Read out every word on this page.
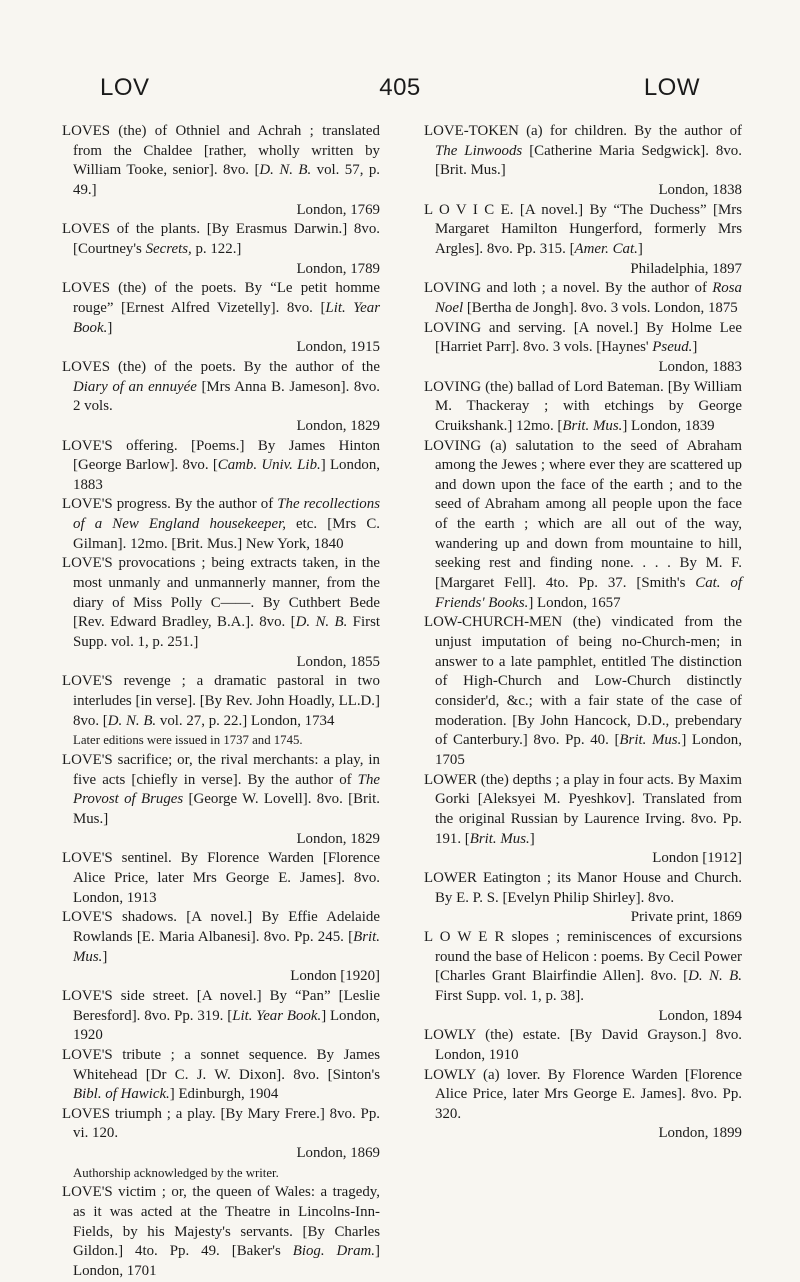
LOV	405	LOW

LOVES (the) of Othniel and Achrah ; translated from the Chaldee [rather, wholly written by William Tooke, senior]. 8vo. [D. N. B. vol. 57, p. 49.]
London, 1769

LOVES of the plants. [By Erasmus Darwin.] 8vo. [Courtney's Secrets, p. 122.]
London, 1789

LOVES (the) of the poets. By “Le petit homme rouge” [Ernest Alfred Vizetelly]. 8vo. [Lit. Year Book.]
London, 1915

LOVES (the) of the poets. By the author of the Diary of an ennuyée [Mrs Anna B. Jameson]. 8vo. 2 vols.
London, 1829

LOVE'S offering. [Poems.] By James Hinton [George Barlow]. 8vo. [Camb. Univ. Lib.] London, 1883

LOVE'S progress. By the author of The recollections of a New England housekeeper, etc. [Mrs C. Gilman]. 12mo. [Brit. Mus.] New York, 1840

LOVE'S provocations ; being extracts taken, in the most unmanly and unmannerly manner, from the diary of Miss Polly C——. By Cuthbert Bede [Rev. Edward Bradley, B.A.]. 8vo. [D. N. B. First Supp. vol. 1, p. 251.]
London, 1855

LOVE'S revenge ; a dramatic pastoral in two interludes [in verse]. [By Rev. John Hoadly, LL.D.] 8vo. [D. N. B. vol. 27, p. 22.] London, 1734
Later editions were issued in 1737 and 1745.

LOVE'S sacrifice; or, the rival merchants: a play, in five acts [chiefly in verse]. By the author of The Provost of Bruges [George W. Lovell]. 8vo. [Brit. Mus.]
London, 1829

LOVE'S sentinel. By Florence Warden [Florence Alice Price, later Mrs George E. James]. 8vo. London, 1913

LOVE'S shadows. [A novel.] By Effie Adelaide Rowlands [E. Maria Albanesi]. 8vo. Pp. 245. [Brit. Mus.]
London [1920]

LOVE'S side street. [A novel.] By “Pan” [Leslie Beresford]. 8vo. Pp. 319. [Lit. Year Book.] London, 1920

LOVE'S tribute ; a sonnet sequence. By James Whitehead [Dr C. J. W. Dixon]. 8vo. [Sinton's Bibl. of Hawick.] Edinburgh, 1904

LOVES triumph ; a play. [By Mary Frere.] 8vo. Pp. vi. 120.
London, 1869
Authorship acknowledged by the writer.

LOVE'S victim ; or, the queen of Wales: a tragedy, as it was acted at the Theatre in Lincolns-Inn-Fields, by his Majesty's servants. [By Charles Gildon.] 4to. Pp. 49. [Baker's Biog. Dram.] London, 1701

LOVE-TOKEN (a) for children. By the author of The Linwoods [Catherine Maria Sedgwick]. 8vo. [Brit. Mus.]
London, 1838

L O V I C E. [A novel.] By “The Duchess” [Mrs Margaret Hamilton Hungerford, formerly Mrs Argles]. 8vo. Pp. 315. [Amer. Cat.]
Philadelphia, 1897

LOVING and loth ; a novel. By the author of Rosa Noel [Bertha de Jongh]. 8vo. 3 vols. London, 1875

LOVING and serving. [A novel.] By Holme Lee [Harriet Parr]. 8vo. 3 vols. [Haynes' Pseud.]
London, 1883

LOVING (the) ballad of Lord Bateman. [By William M. Thackeray ; with etchings by George Cruikshank.] 12mo. [Brit. Mus.] London, 1839

LOVING (a) salutation to the seed of Abraham among the Jewes ; where ever they are scattered up and down upon the face of the earth ; and to the seed of Abraham among all people upon the face of the earth ; which are all out of the way, wandering up and down from mountaine to hill, seeking rest and finding none. . . . By M. F. [Margaret Fell]. 4to. Pp. 37. [Smith's Cat. of Friends' Books.] London, 1657

LOW-CHURCH-MEN (the) vindicated from the unjust imputation of being no-Church-men; in answer to a late pamphlet, entitled The distinction of High-Church and Low-Church distinctly consider'd, &c.; with a fair state of the case of moderation. [By John Hancock, D.D., prebendary of Canterbury.] 8vo. Pp. 40. [Brit. Mus.] London, 1705

LOWER (the) depths ; a play in four acts. By Maxim Gorki [Aleksyei M. Pyeshkov]. Translated from the original Russian by Laurence Irving. 8vo. Pp. 191. [Brit. Mus.]
London [1912]

LOWER Eatington ; its Manor House and Church. By E. P. S. [Evelyn Philip Shirley]. 8vo.
Private print, 1869

L O W E R slopes ; reminiscences of excursions round the base of Helicon : poems. By Cecil Power [Charles Grant Blairfindie Allen]. 8vo. [D. N. B. First Supp. vol. 1, p. 38].
London, 1894

LOWLY (the) estate. [By David Grayson.] 8vo. London, 1910

LOWLY (a) lover. By Florence Warden [Florence Alice Price, later Mrs George E. James]. 8vo. Pp. 320.
London, 1899
